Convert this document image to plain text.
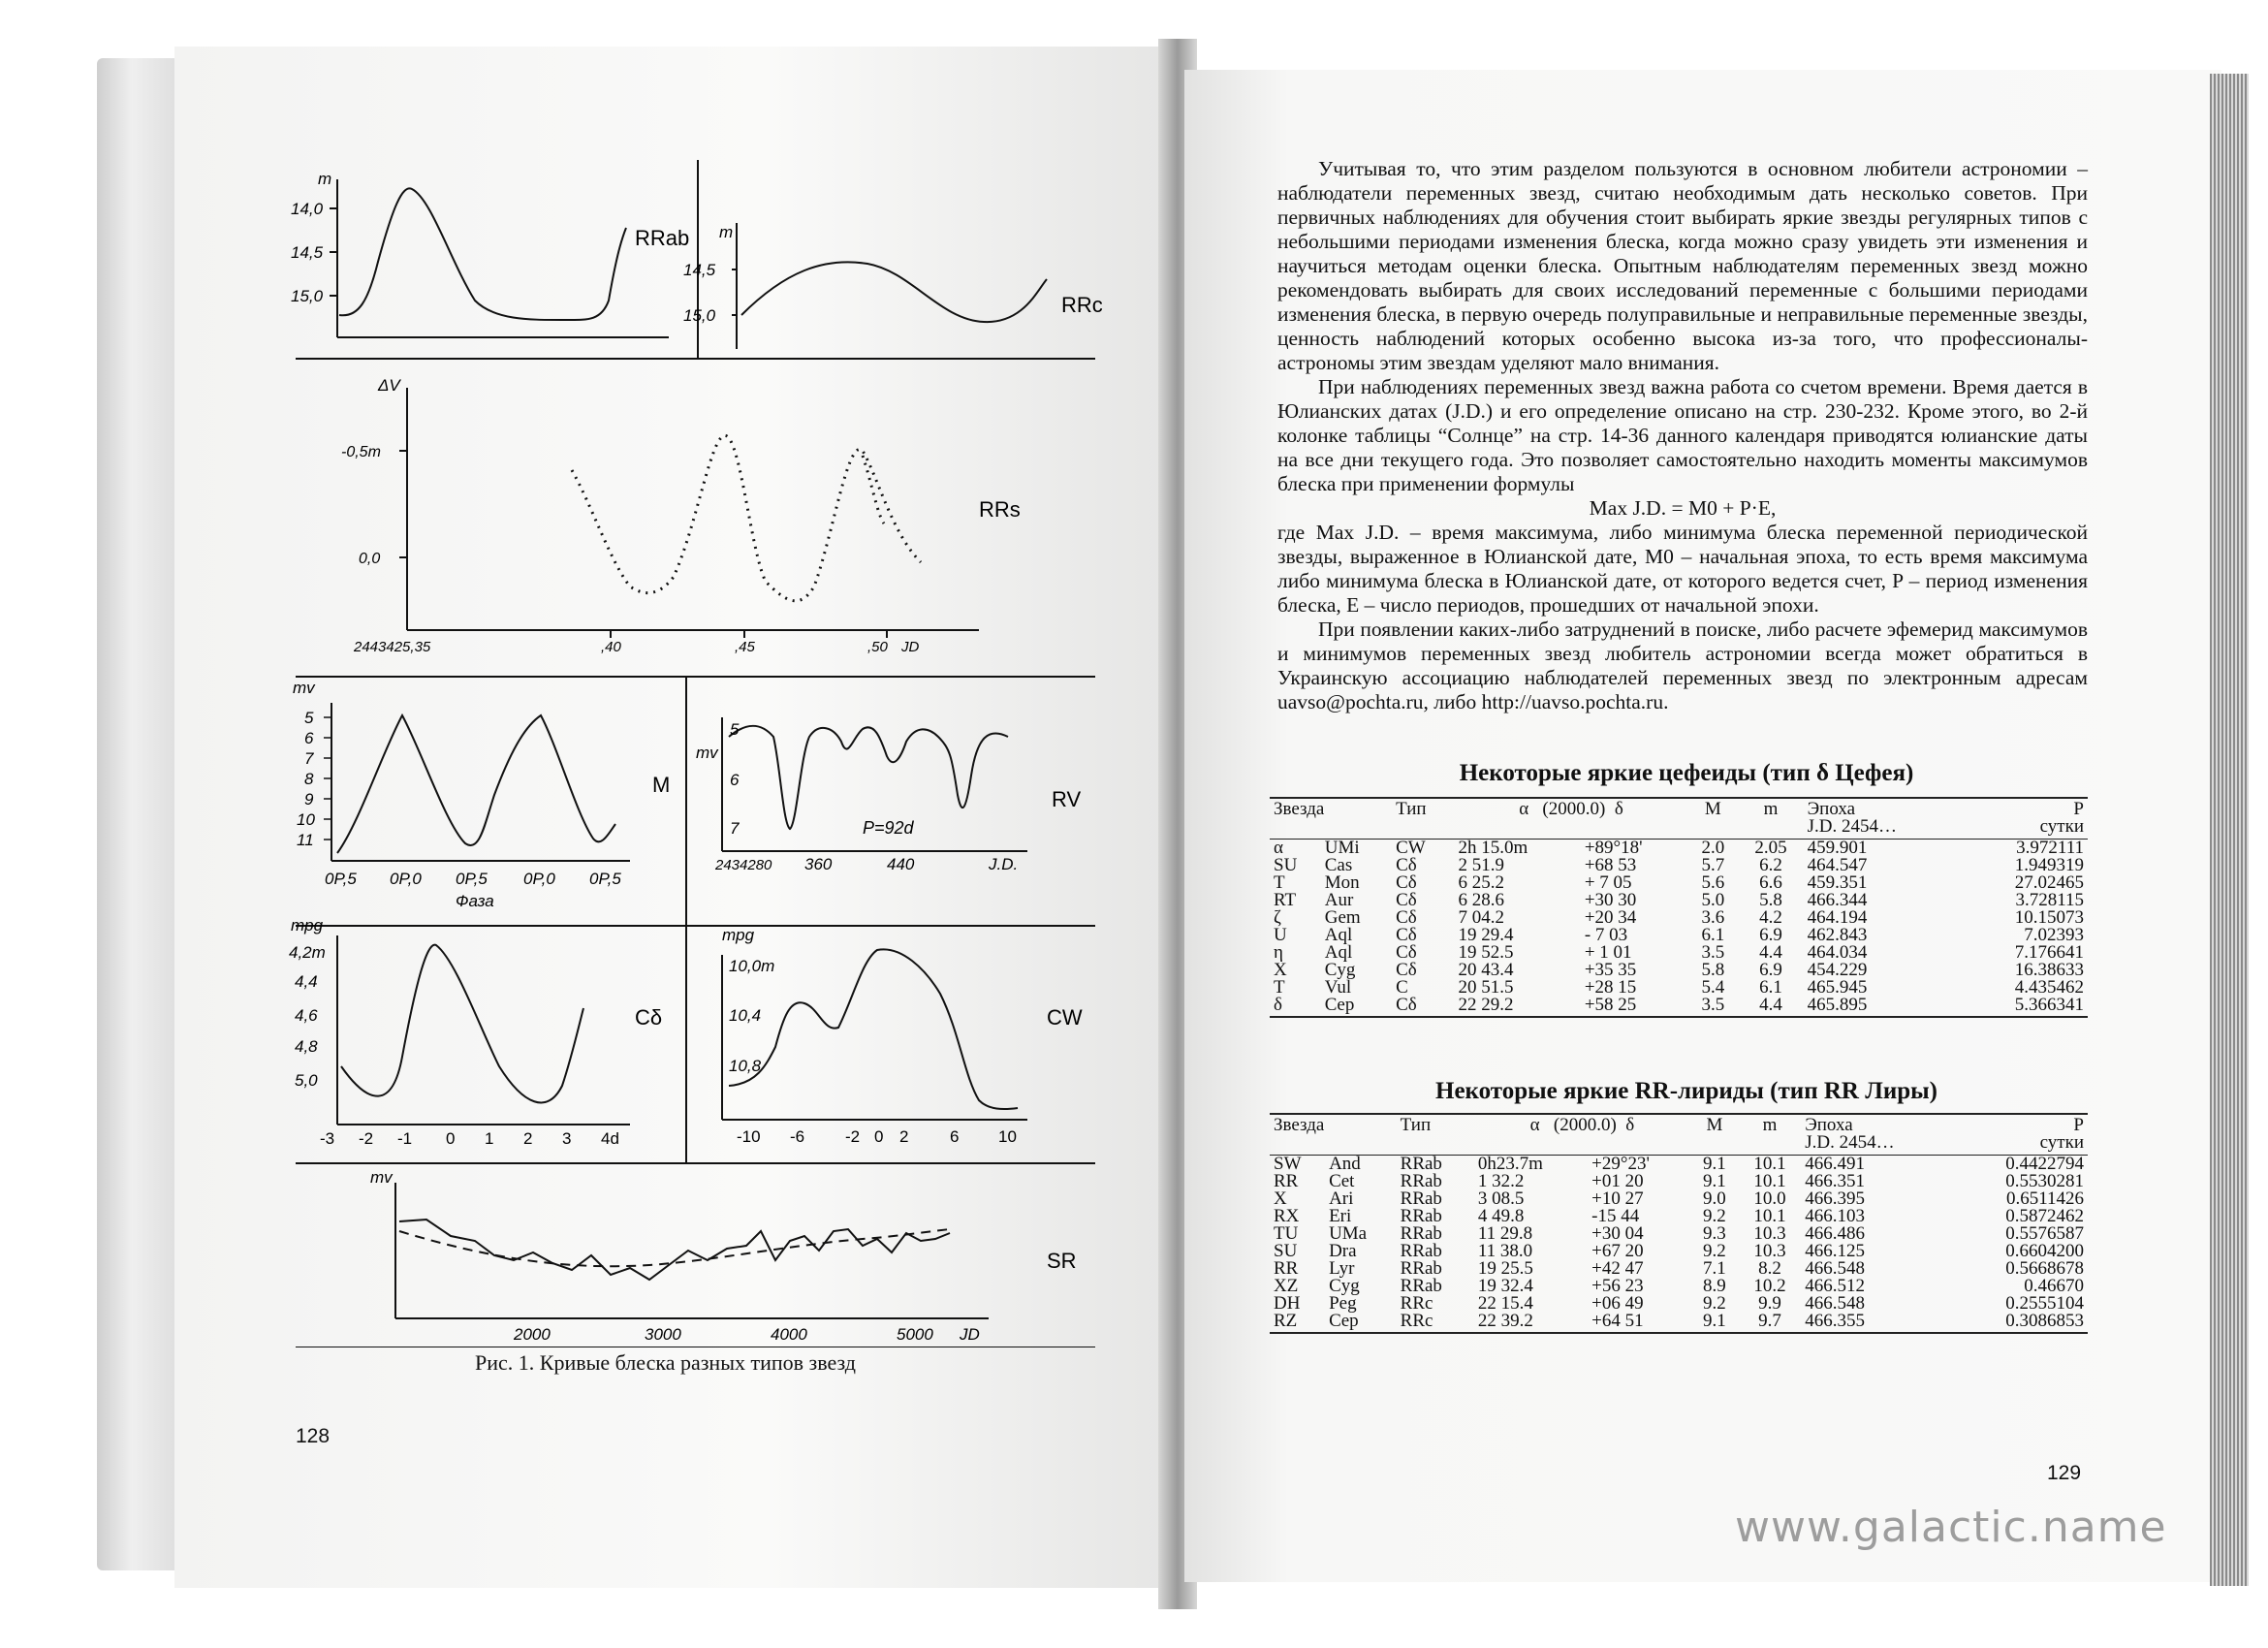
RRab
m
14,0
14,5
15,0	RRc
m
14,5
15,0
RRs
ΔV
-0,5m
0,0
2443425,35	,40	,45	,50 JD
M
mv
5
6
7
8
9
10
11
0P,5 0P,0 0P,5 0P,0 0P,5
Фаза
RV
mv
5
6
7	P=92d
2434280 360	440	J.D.
Cδ
mpg
4,2m
4,4
4,6
4,8
5,0
-3 -2 -1 0 1 2 3 4d
CW
mpg
10,0m
10,4
10,8
-10 -6 -2 0 2	6 10
SR
mv
2000	3000	4000	5000 JD
Рис. 1. Кривые блеска разных типов звезд
128

Учитывая то, что этим разделом пользуются в основном любители астрономии – наблюдатели переменных звезд, считаю необходимым дать несколько советов. При первичных наблюдениях для обучения стоит выбирать яркие звезды регулярных типов с небольшими периодами изменения блеска, когда можно сразу увидеть эти изменения и научиться методам оценки блеска. Опытным наблюдателям переменных звезд можно рекомендовать выбирать для своих исследований переменные с большими периодами изменения блеска, в первую очередь полуправильные и неправильные переменные звезды, ценность наблюдений которых особенно высока из-за того, что профессионалы-астрономы этим звездам уделяют мало внимания.

При наблюдениях переменных звезд важна работа со счетом времени. Время дается в Юлианских датах (J.D.) и его определение описано на стр. 230-232. Кроме этого, во 2-й колонке таблицы “Солнце” на стр. 14-36 данного календаря приводятся юлианские даты на все дни текущего года. Это позволяет самостоятельно находить моменты максимумов блеска при применении формулы

Max J.D. = M0 + P·E,

где Max J.D. – время максимума, либо минимума блеска переменной периодической звезды, выраженное в Юлианской дате, M0 – начальная эпоха, то есть время максимума либо минимума блеска в Юлианской дате, от которого ведется счет, P – период изменения блеска, E – число периодов, прошедших от начальной эпохи.

При появлении каких-либо затруднений в поиске, либо расчете эфемерид максимумов и минимумов переменных звезд любитель астрономии всегда может обратиться в Украинскую ассоциацию наблюдателей переменных звезд по электронным адресам uavso@pochta.ru, либо http://uavso.pochta.ru.

Некоторые яркие цефеиды (тип δ Цефея)
Звезда		Тип	α (2000.0) δ		M	m	Эпоха
J.D. 2454…	P
сутки
α	UMi	CW	2h 15.0m	+89°18'	2.0	2.05	459.901	3.972111
SU	Cas	Cδ	2 51.9	+68 53	5.7	6.2	464.547	1.949319
T	Mon	Cδ	6 25.2	+ 7 05	5.6	6.6	459.351	27.02465
RT	Aur	Cδ	6 28.6	+30 30	5.0	5.8	466.344	3.728115
ζ	Gem	Cδ	7 04.2	+20 34	3.6	4.2	464.194	10.15073
U	Aql	Cδ	19 29.4	- 7 03	6.1	6.9	462.843	7.02393
η	Aql	Cδ	19 52.5	+ 1 01	3.5	4.4	464.034	7.176641
X	Cyg	Cδ	20 43.4	+35 35	5.8	6.9	454.229	16.38633
T	Vul	C	20 51.5	+28 15	5.4	6.1	465.945	4.435462
δ	Cep	Cδ	22 29.2	+58 25	3.5	4.4	465.895	5.366341
Некоторые яркие RR-лириды (тип RR Лиры)
Звезда		Тип	α (2000.0) δ		M	m	Эпоха
J.D. 2454…	P
сутки
SW	And	RRab	0h23.7m	+29°23'	9.1	10.1	466.491	0.4422794
RR	Cet	RRab	1 32.2	+01 20	9.1	10.1	466.351	0.5530281
X	Ari	RRab	3 08.5	+10 27	9.0	10.0	466.395	0.6511426
RX	Eri	RRab	4 49.8	-15 44	9.2	10.1	466.103	0.5872462
TU	UMa	RRab	11 29.8	+30 04	9.3	10.3	466.486	0.5576587
SU	Dra	RRab	11 38.0	+67 20	9.2	10.3	466.125	0.6604200
RR	Lyr	RRab	19 25.5	+42 47	7.1	8.2	466.548	0.5668678
XZ	Cyg	RRab	19 32.4	+56 23	8.9	10.2	466.512	0.46670
DH	Peg	RRc	22 15.4	+06 49	9.2	9.9	466.548	0.2555104
RZ	Cep	RRc	22 39.2	+64 51	9.1	9.7	466.355	0.3086853
129
www.galactic.name
